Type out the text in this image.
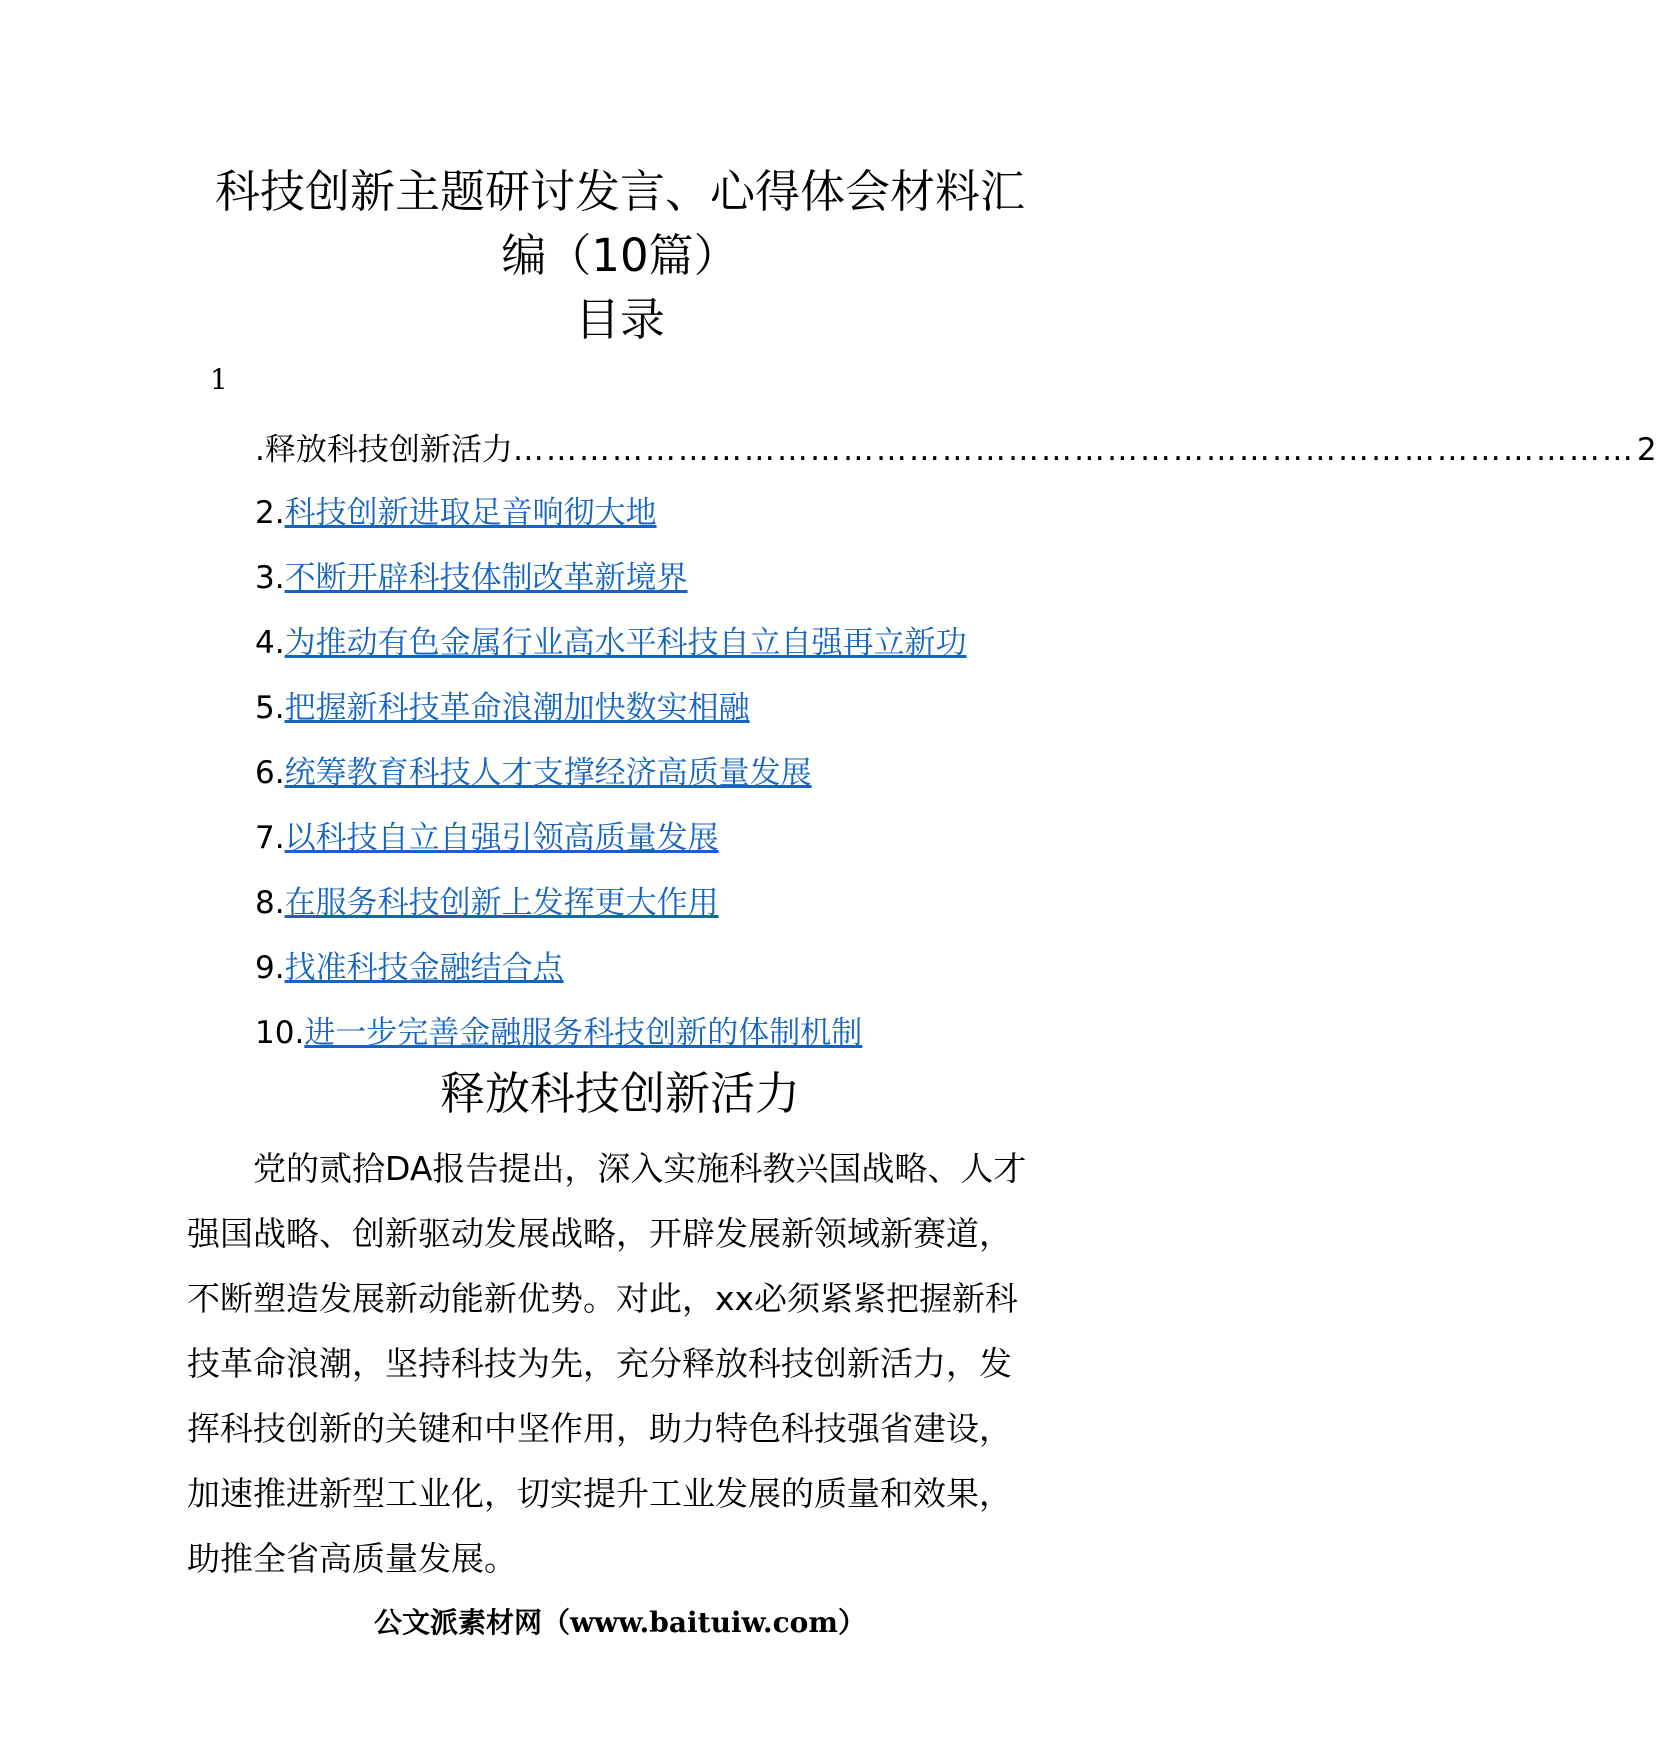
科技创新主题研讨发言、心得体会材料汇
编（10篇）
目录
1
.释放科技创新活力 ………………………………………………………………………………………… 2
2.科技创新进取足音响彻大地
3.不断开辟科技体制改革新境界
4.为推动有色金属行业高水平科技自立自强再立新功
5.把握新科技革命浪潮加快数实相融
6.统筹教育科技人才支撑经济高质量发展
7.以科技自立自强引领高质量发展
8.在服务科技创新上发挥更大作用
9.找准科技金融结合点
10.进一步完善金融服务科技创新的体制机制
释放科技创新活力

党的贰拾DA报告提出，深入实施科教兴国战略、人才
强国战略、创新驱动发展战略，开辟发展新领域新赛道，
不断塑造发展新动能新优势。对此，xx必须紧紧把握新科
技革命浪潮，坚持科技为先，充分释放科技创新活力，发
挥科技创新的关键和中坚作用，助力特色科技强省建设，
加速推进新型工业化，切实提升工业发展的质量和效果，
助推全省高质量发展。

公文派素材网（www.baituiw.com）
